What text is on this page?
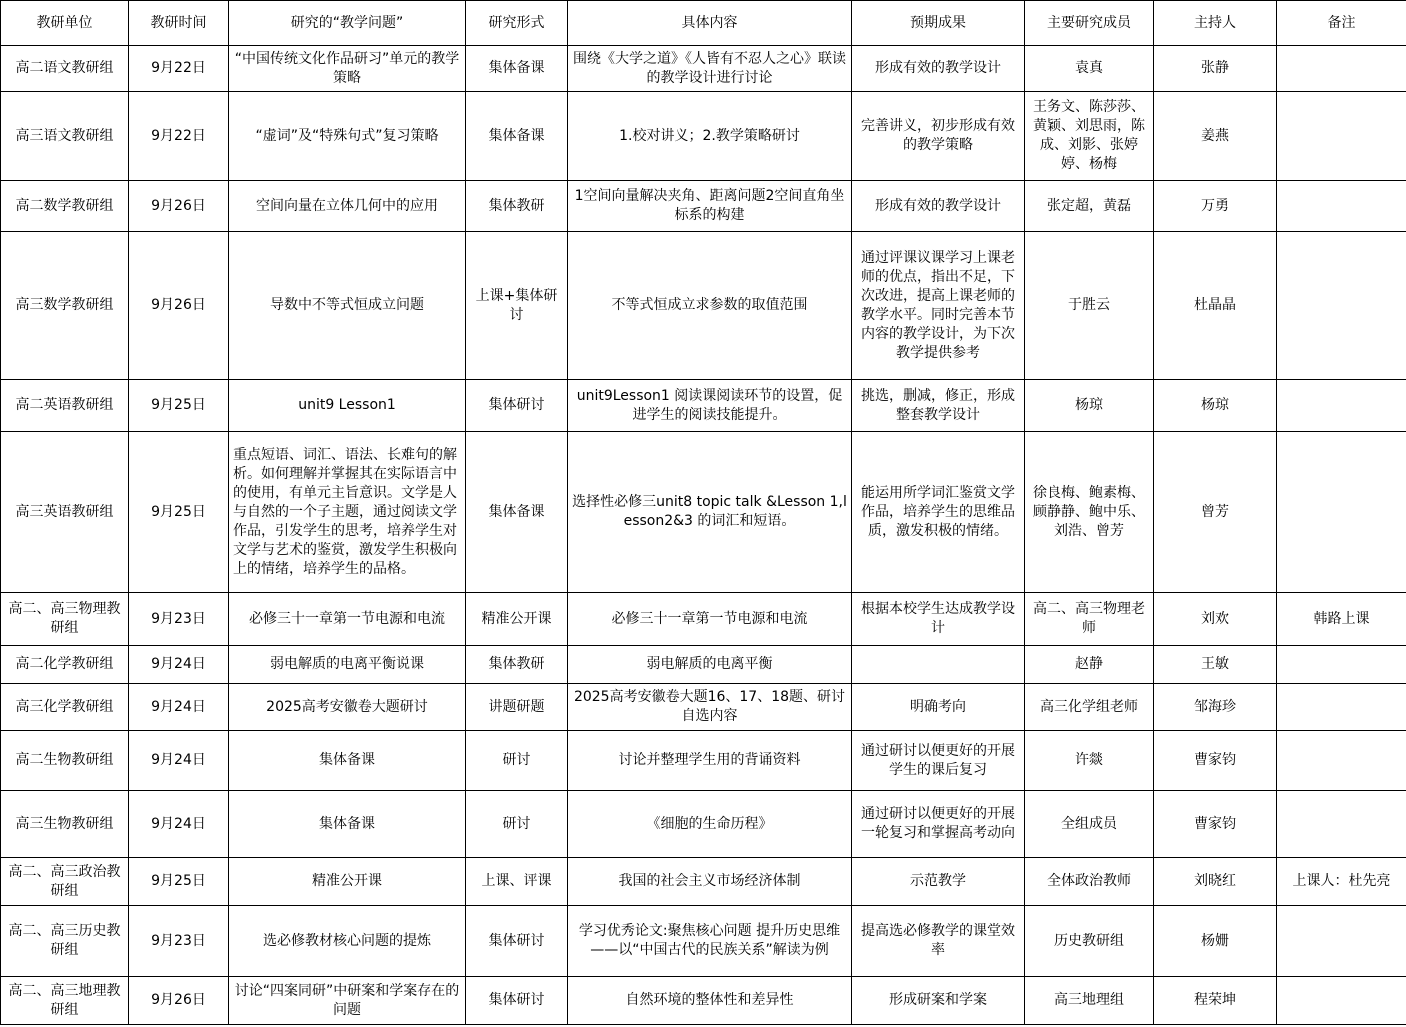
教研单位	教研时间	研究的“教学问题”	研究形式	具体内容	预期成果	主要研究成员	主持人	备注
高二语文教研组	9月22日	“中国传统文化作品研习”单元的教学策略	集体备课	围绕《大学之道》《人皆有不忍人之心》联读的教学设计进行讨论	形成有效的教学设计	袁真	张静	
高三语文教研组	9月22日	“虚词”及“特殊句式”复习策略	集体备课	1.校对讲义；2.教学策略研讨	完善讲义，初步形成有效的教学策略	王务文、陈莎莎、黄颖、刘思雨，陈成、刘影、张婷婷、杨梅	姜燕	
高二数学教研组	9月26日	空间向量在立体几何中的应用	集体教研	1空间向量解决夹角、距离问题2空间直角坐标系的构建	形成有效的教学设计	张定超，黄磊	万勇	
高三数学教研组	9月26日	导数中不等式恒成立问题	上课+集体研讨	不等式恒成立求参数的取值范围	通过评课议课学习上课老师的优点，指出不足，下次改进，提高上课老师的教学水平。同时完善本节内容的教学设计，为下次教学提供参考	于胜云	杜晶晶	
高二英语教研组	9月25日	unit9 Lesson1	集体研讨	unit9Lesson1 阅读课阅读环节的设置，促进学生的阅读技能提升。	挑选，删减，修正，形成整套教学设计	杨琼	杨琼	
高三英语教研组	9月25日	重点短语、词汇、语法、长难句的解析。如何理解并掌握其在实际语言中的使用，有单元主旨意识。文学是人与自然的一个子主题，通过阅读文学作品，引发学生的思考，培养学生对文学与艺术的鉴赏，激发学生积极向上的情绪，培养学生的品格。	集体备课	选择性必修三unit8 topic talk &Lesson 1,lesson2&3 的词汇和短语。	能运用所学词汇鉴赏文学作品，培养学生的思维品质，激发积极的情绪。	徐良梅、鲍素梅、顾静静、鲍中乐、刘浩、曾芳	曾芳	
高二、高三物理教研组	9月23日	必修三十一章第一节电源和电流	精准公开课	必修三十一章第一节电源和电流	根据本校学生达成教学设计	高二、高三物理老师	刘欢	韩路上课
高二化学教研组	9月24日	弱电解质的电离平衡说课	集体教研	弱电解质的电离平衡		赵静	王敏	
高三化学教研组	9月24日	2025高考安徽卷大题研讨	讲题研题	2025高考安徽卷大题16、17、18题、研讨自选内容	明确考向	高三化学组老师	邹海珍	
高二生物教研组	9月24日	集体备课	研讨	讨论并整理学生用的背诵资料	通过研讨以便更好的开展学生的课后复习	许燚	曹家钧	
高三生物教研组	9月24日	集体备课	研讨	《细胞的生命历程》	通过研讨以便更好的开展一轮复习和掌握高考动向	全组成员	曹家钧	
高二、高三政治教研组	9月25日	精准公开课	上课、评课	我国的社会主义市场经济体制	示范教学	全体政治教师	刘晓红	上课人：杜先亮
高二、高三历史教研组	9月23日	选必修教材核心问题的提炼	集体研讨	学习优秀论文:聚焦核心问题 提升历史思维——以“中国古代的民族关系”解读为例	提高选必修教学的课堂效率	历史教研组	杨姗	
高二、高三地理教研组	9月26日	讨论“四案同研”中研案和学案存在的问题	集体研讨	自然环境的整体性和差异性	形成研案和学案	高三地理组	程荣坤	
